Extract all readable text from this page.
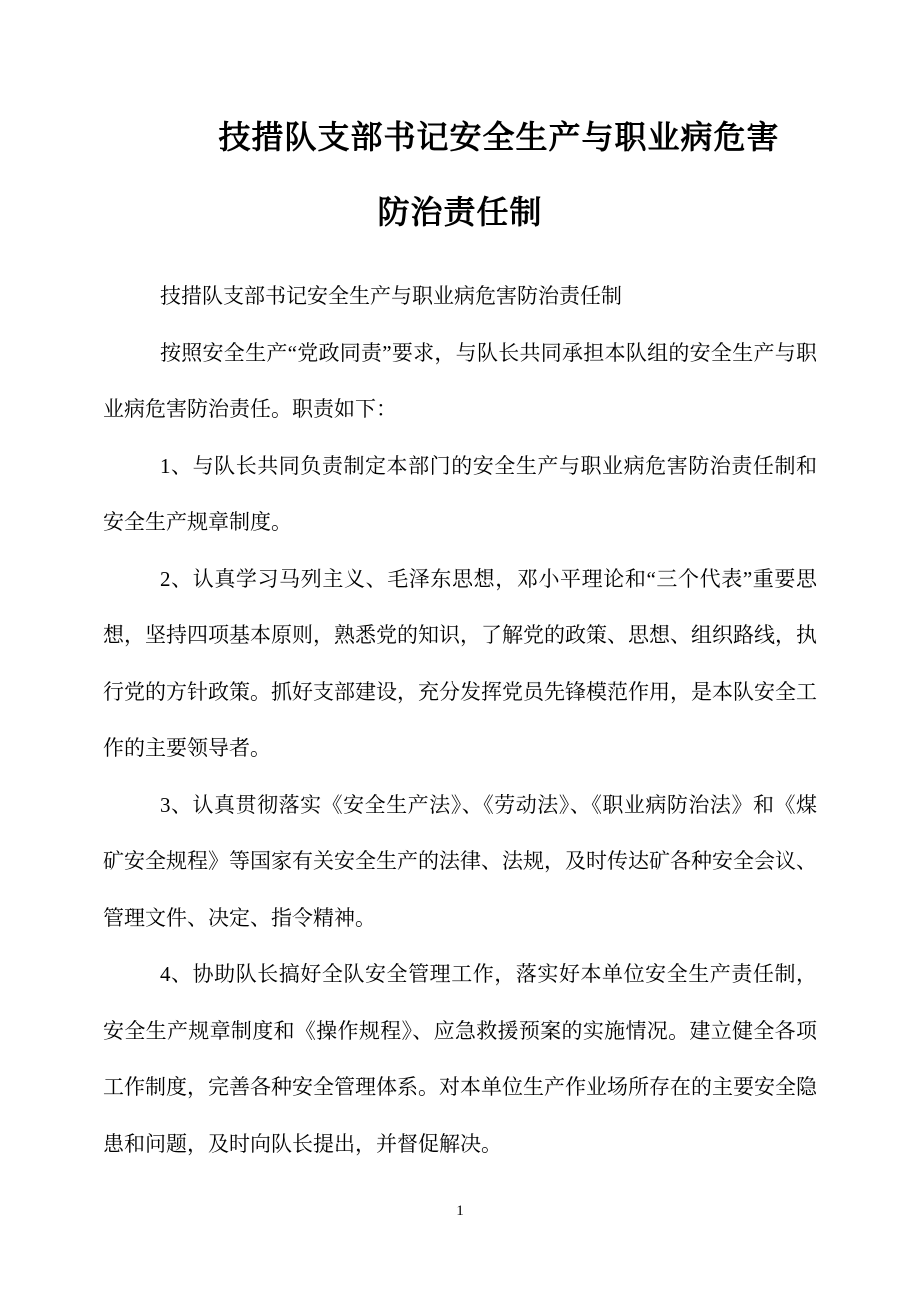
技措队支部书记安全生产与职业病危害
防治责任制

技措队支部书记安全生产与职业病危害防治责任制

按照安全生产“党政同责”要求，与队长共同承担本队组的安全生产与职业病危害防治责任。职责如下：

1、与队长共同负责制定本部门的安全生产与职业病危害防治责任制和安全生产规章制度。

2、认真学习马列主义、毛泽东思想，邓小平理论和“三个代表”重要思想，坚持四项基本原则，熟悉党的知识，了解党的政策、思想、组织路线，执行党的方针政策。抓好支部建设，充分发挥党员先锋模范作用，是本队安全工作的主要领导者。

3、认真贯彻落实《安全生产法》、《劳动法》、《职业病防治法》和《煤矿安全规程》等国家有关安全生产的法律、法规，及时传达矿各种安全会议、管理文件、决定、指令精神。

4、协助队长搞好全队安全管理工作，落实好本单位安全生产责任制，安全生产规章制度和《操作规程》、应急救援预案的实施情况。建立健全各项工作制度，完善各种安全管理体系。对本单位生产作业场所存在的主要安全隐患和问题，及时向队长提出，并督促解决。

1
